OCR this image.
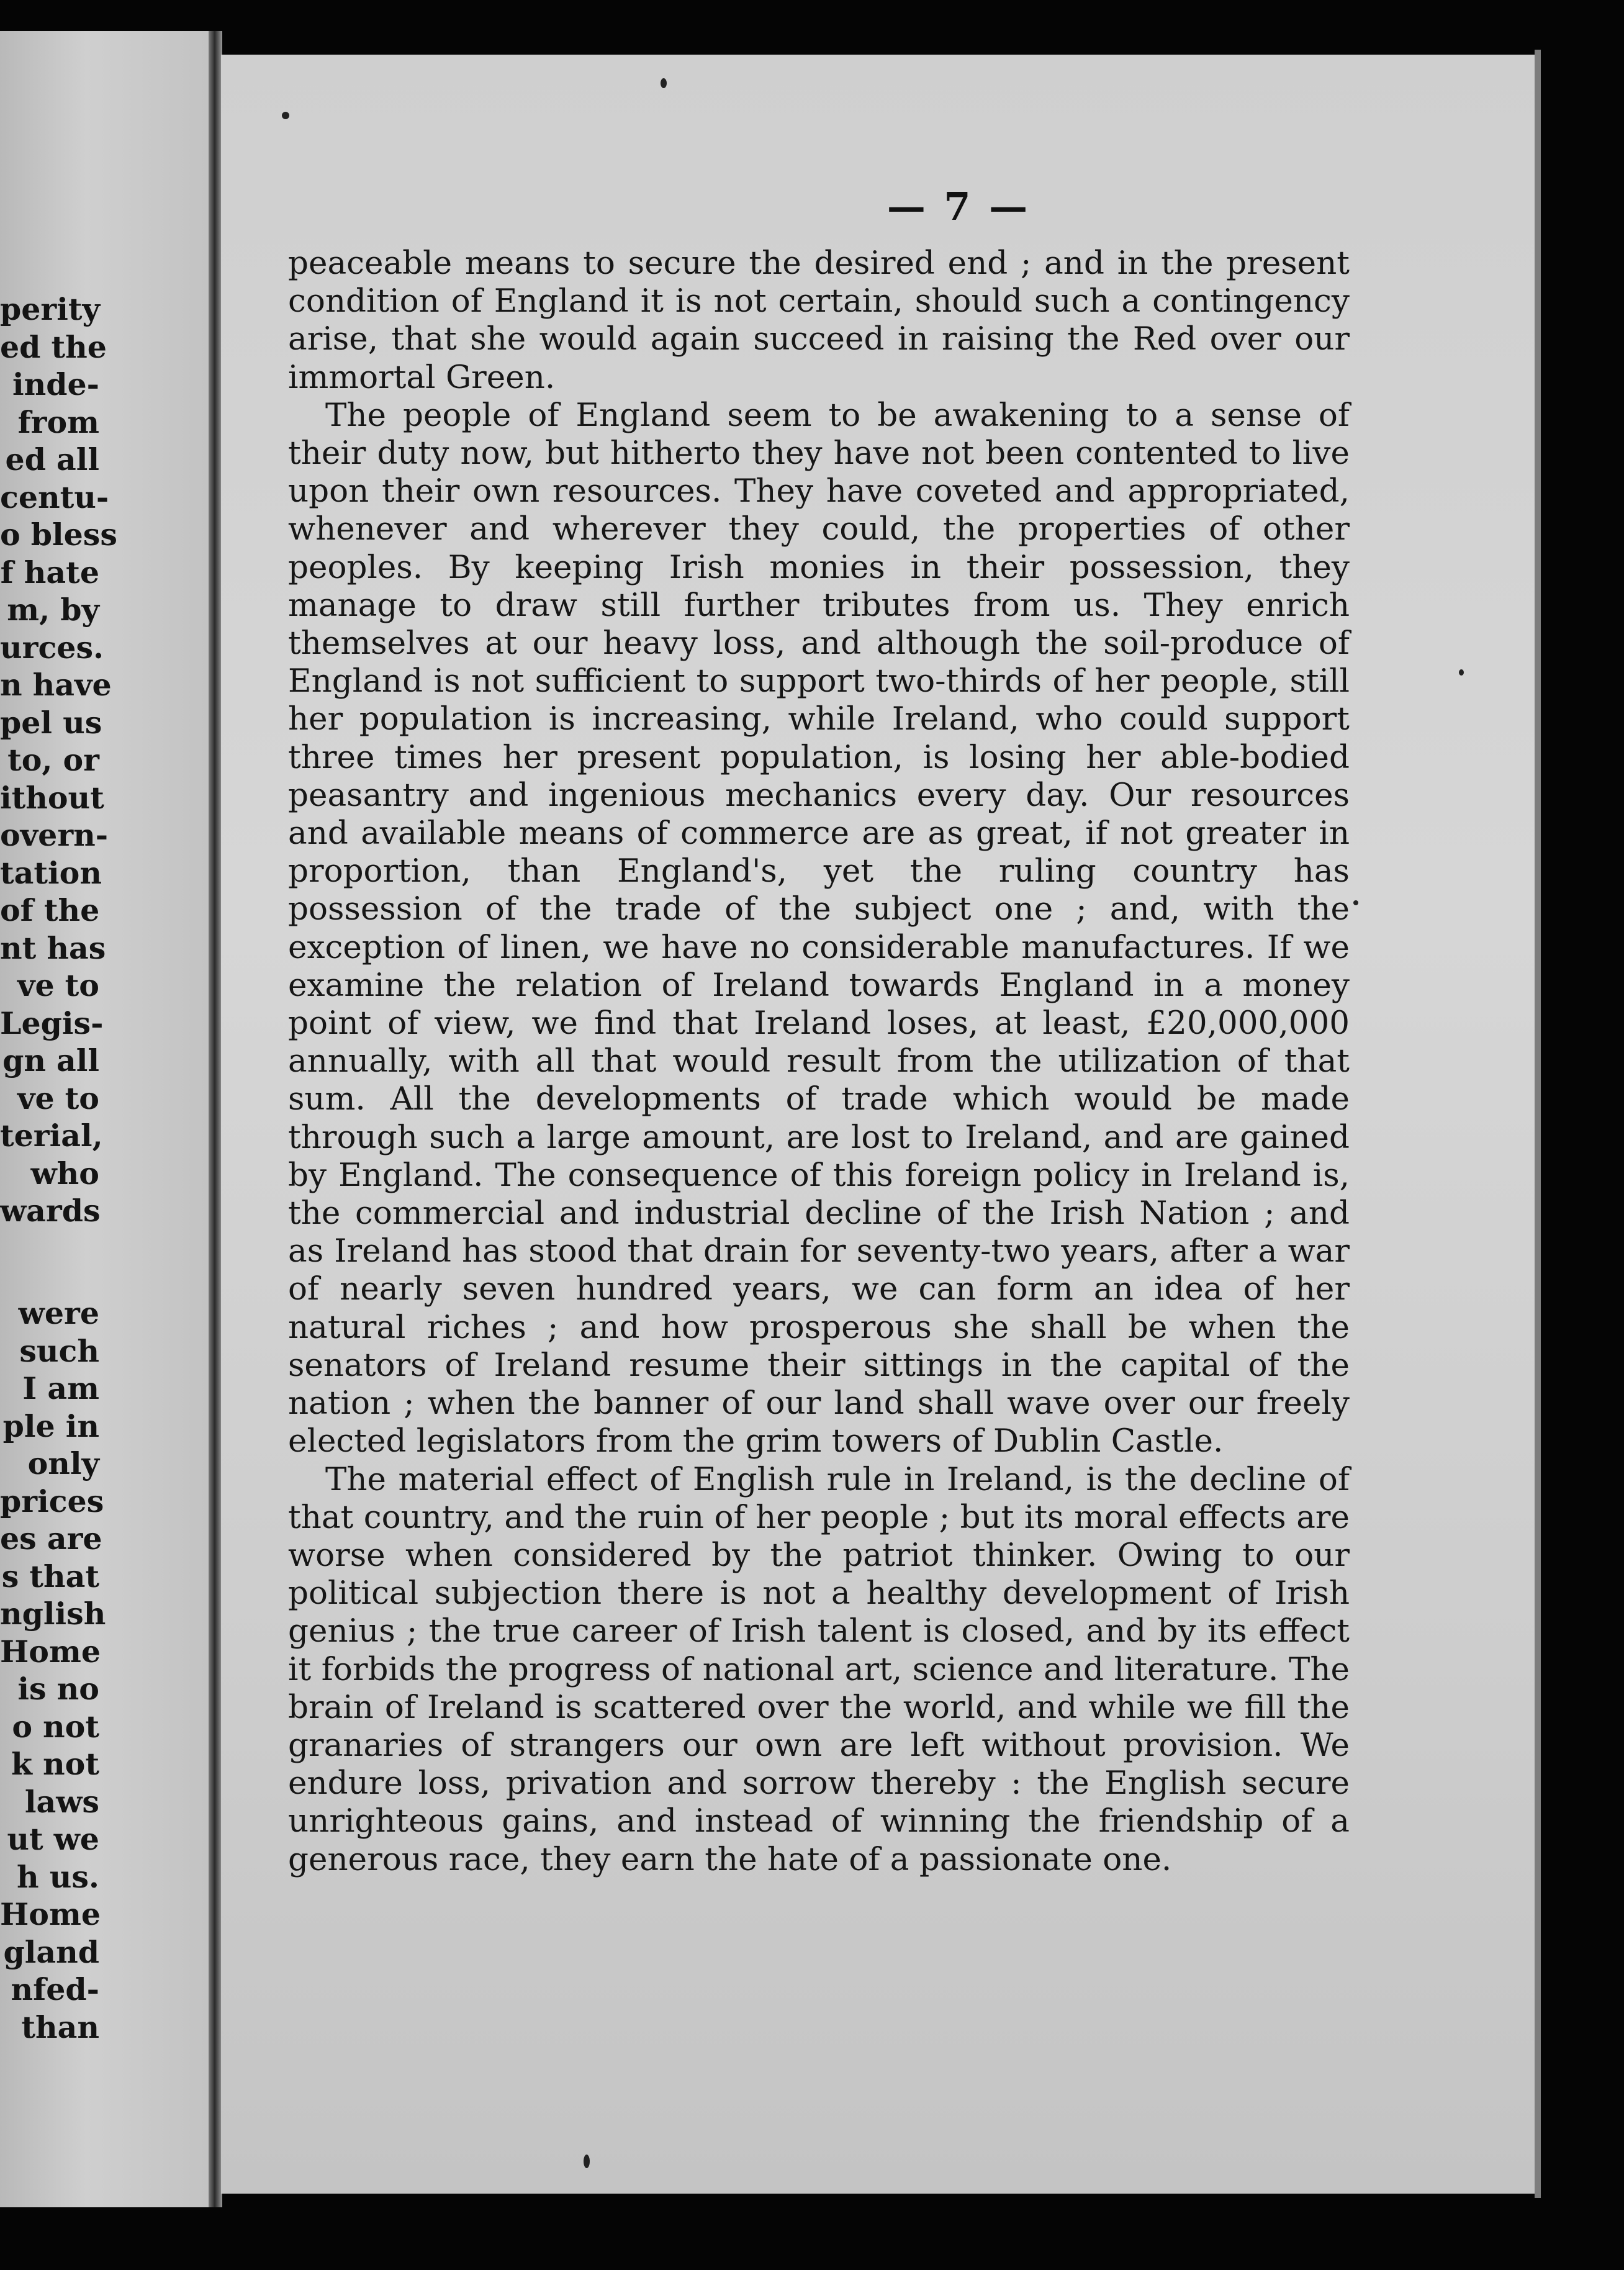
perity
ed the
inde-
from
ed all
centu-
o bless
f hate
m, by
urces.
n have
pel us
to, or
ithout
overn-
tation
of the
nt has
ve to
Legis-
gn all
ve to
terial,
who
wards
were
such
I am
ple in
only
prices
es are
s that
nglish
Home
is no
o not
k not
laws
ut we
h us.
Home
gland
nfed-
than
— 7 —

peaceable means to secure the desired end ; and in the present condition of England it is not certain, should such a contingency arise, that she would again succeed in raising the Red over our immortal Green.

The people of England seem to be awakening to a sense of their duty now, but hitherto they have not been contented to live upon their own resources. They have coveted and appropriated, whenever and wherever they could, the properties of other peoples. By keeping Irish monies in their possession, they manage to draw still further tributes from us. They enrich themselves at our heavy loss, and although the soil-produce of England is not sufficient to support two-thirds of her people, still her population is increasing, while Ireland, who could support three times her present population, is losing her able-bodied peasantry and ingenious mechanics every day. Our resources and available means of commerce are as great, if not greater in proportion, than England's, yet the ruling country has possession of the trade of the subject one ; and, with the exception of linen, we have no considerable manufactures. If we examine the relation of Ireland towards England in a money point of view, we find that Ireland loses, at least, £20,000,000 annually, with all that would result from the utilization of that sum. All the developments of trade which would be made through such a large amount, are lost to Ireland, and are gained by England. The consequence of this foreign policy in Ireland is, the commercial and industrial decline of the Irish Nation ; and as Ireland has stood that drain for seventy-two years, after a war of nearly seven hundred years, we can form an idea of her natural riches ; and how prosperous she shall be when the senators of Ireland resume their sittings in the capital of the nation ; when the banner of our land shall wave over our freely elected legislators from the grim towers of Dublin Castle.

The material effect of English rule in Ireland, is the decline of that country, and the ruin of her people ; but its moral effects are worse when considered by the patriot thinker. Owing to our political subjection there is not a healthy development of Irish genius ; the true career of Irish talent is closed, and by its effect it forbids the progress of national art, science and literature. The brain of Ireland is scattered over the world, and while we fill the granaries of strangers our own are left without provision. We endure loss, privation and sorrow thereby : the English secure unrighteous gains, and instead of winning the friendship of a generous race, they earn the hate of a passionate one.
